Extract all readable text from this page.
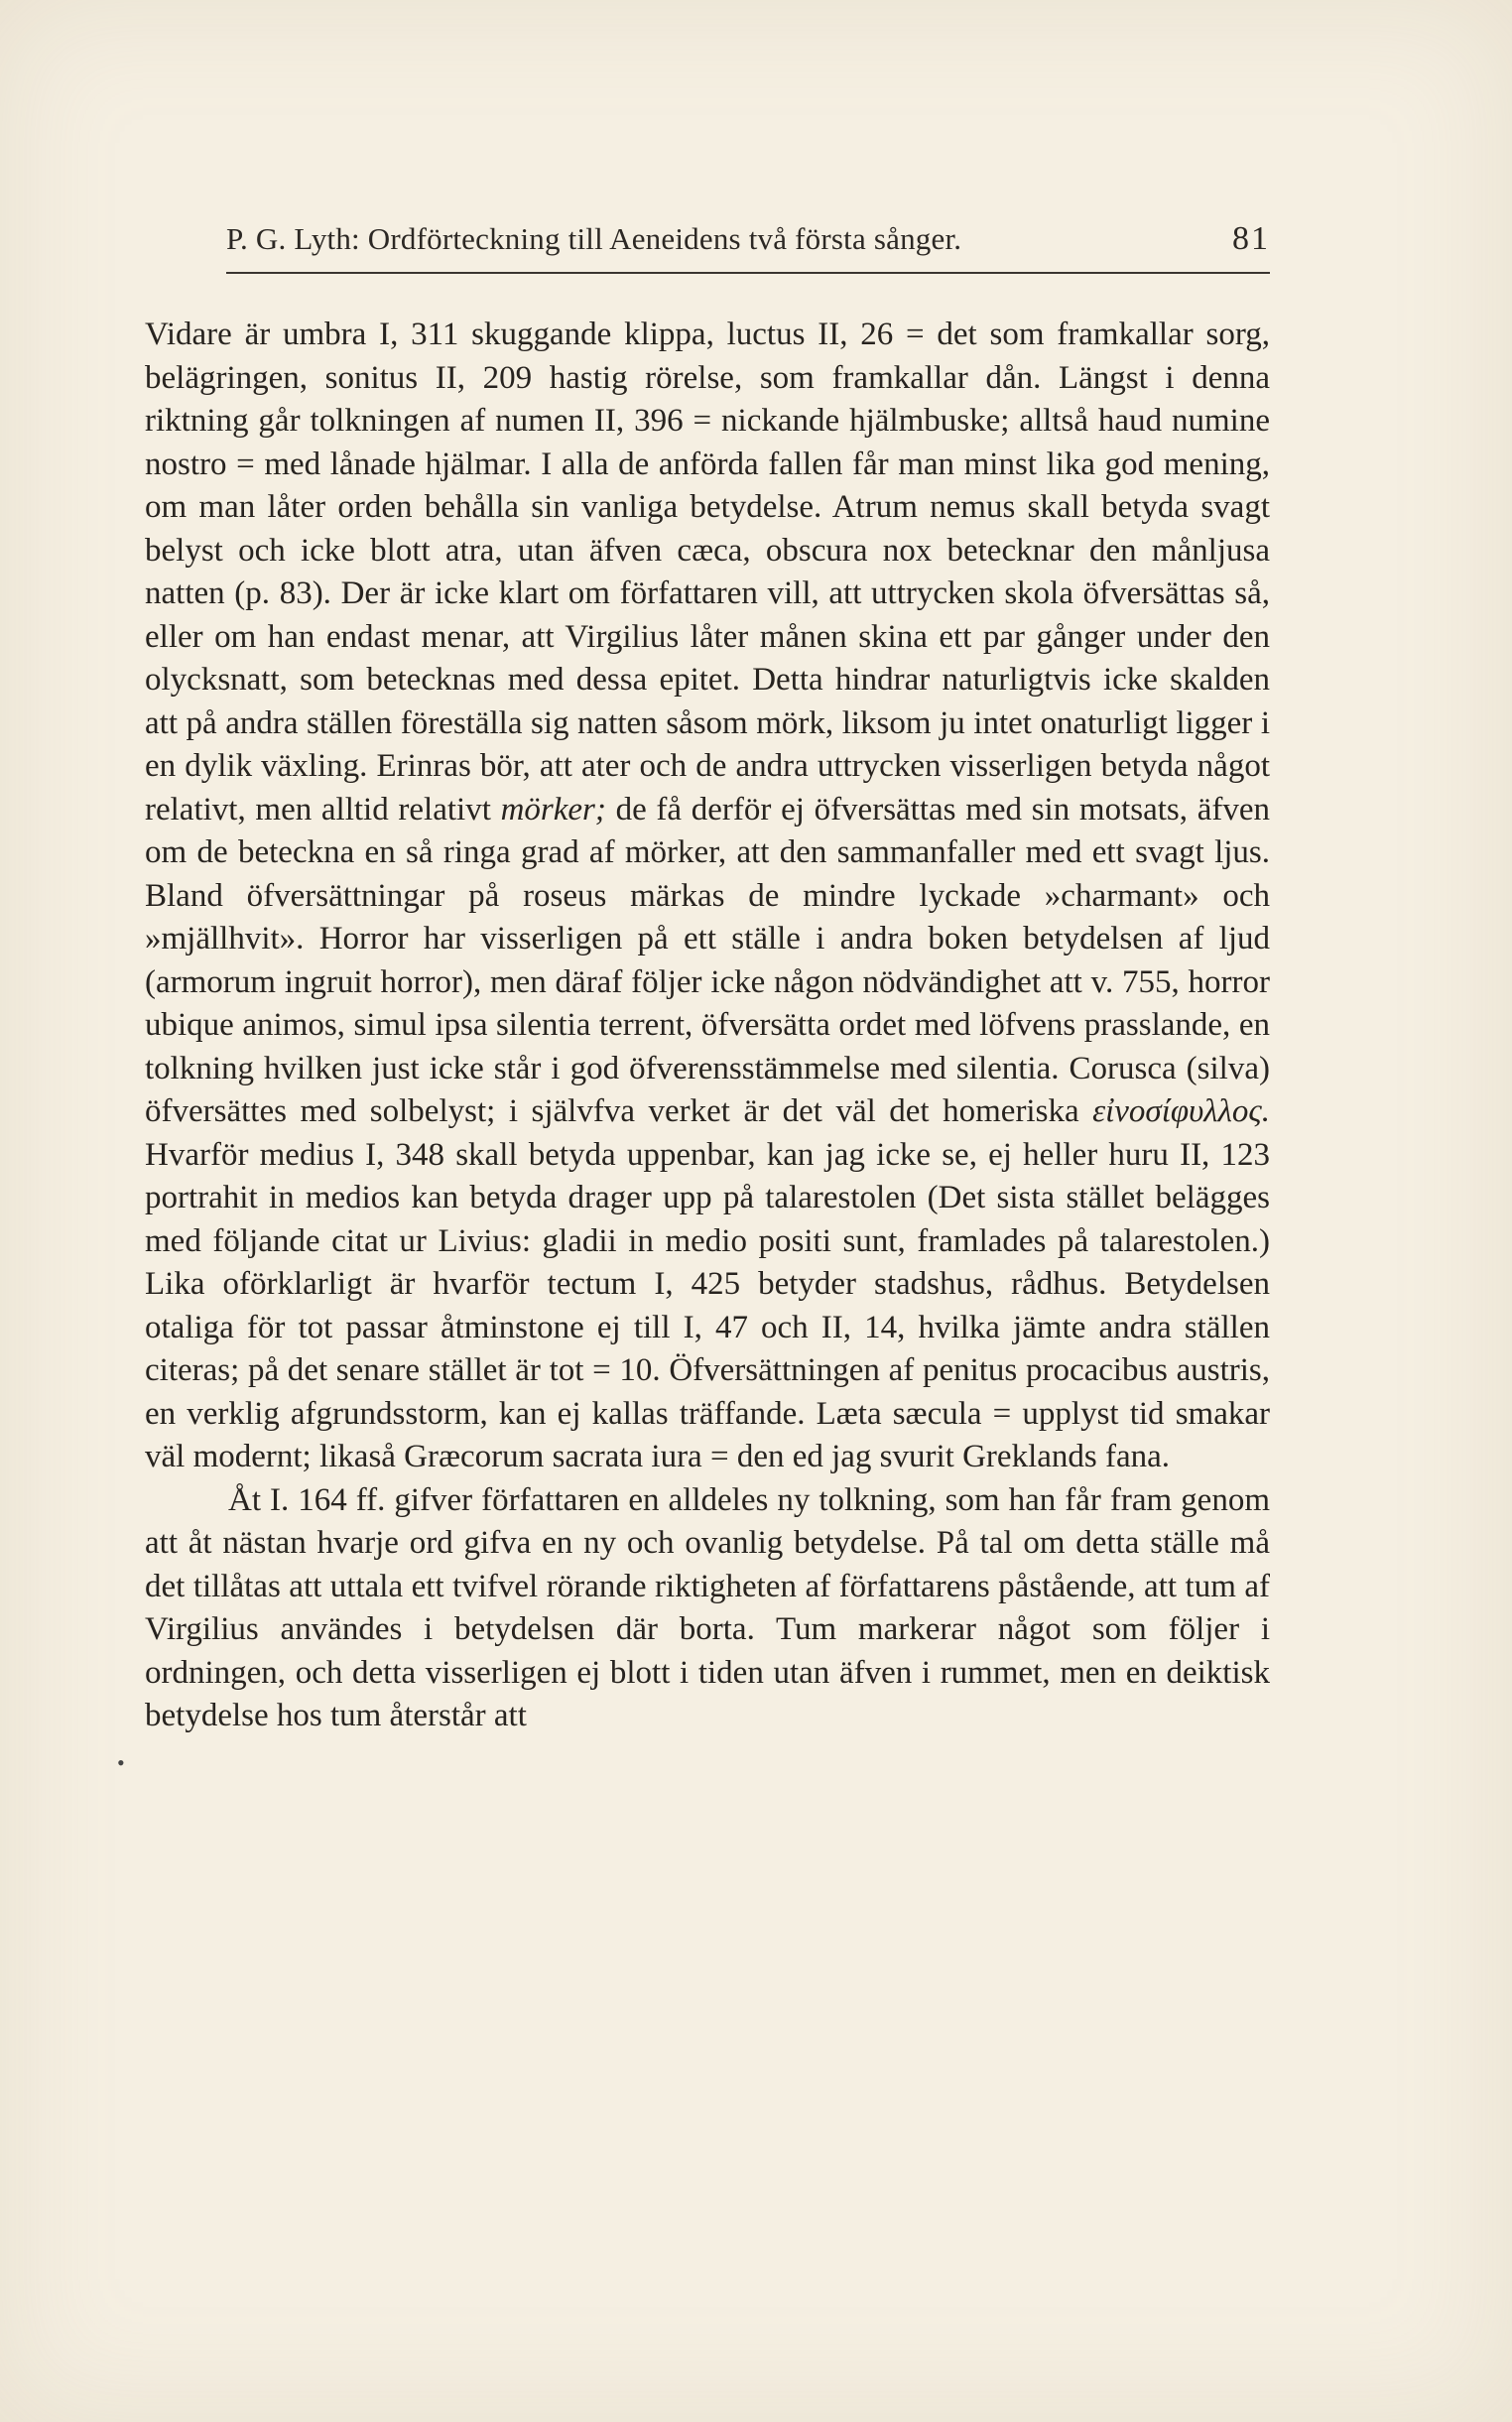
P. G. Lyth: Ordförteckning till Aeneidens två första sånger.	81
•

Vidare är umbra I, 311 skuggande klippa, luctus II, 26 = det som framkallar sorg, belägringen, sonitus II, 209 hastig rörelse, som framkallar dån. Längst i denna riktning går tolkningen af numen II, 396 = nickande hjälmbuske; alltså haud numine nostro = med lånade hjälmar. I alla de anförda fallen får man minst lika god mening, om man låter orden behålla sin vanliga betydelse. Atrum nemus skall betyda svagt belyst och icke blott atra, utan äfven cæca, obscura nox betecknar den månljusa natten (p. 83). Der är icke klart om författaren vill, att uttrycken skola öfversättas så, eller om han endast menar, att Virgilius låter månen skina ett par gånger under den olycksnatt, som betecknas med dessa epitet. Detta hindrar naturligtvis icke skalden att på andra ställen föreställa sig natten såsom mörk, liksom ju intet onaturligt ligger i en dylik växling. Erinras bör, att ater och de andra uttrycken visserligen betyda något relativt, men alltid relativt mörker; de få derför ej öfversättas med sin motsats, äfven om de beteckna en så ringa grad af mörker, att den sammanfaller med ett svagt ljus. Bland öfversättningar på roseus märkas de mindre lyckade »charmant» och »mjällhvit». Horror har visserligen på ett ställe i andra boken betydelsen af ljud (armorum ingruit horror), men däraf följer icke någon nödvändighet att v. 755, horror ubique animos, simul ipsa silentia terrent, öfversätta ordet med löfvens prasslande, en tolkning hvilken just icke står i god öfverensstämmelse med silentia. Corusca (silva) öfversättes med solbelyst; i självfva verket är det väl det homeriska εἰνοσίφυλλος. Hvarför medius I, 348 skall betyda uppenbar, kan jag icke se, ej heller huru II, 123 portrahit in medios kan betyda drager upp på talarestolen (Det sista stället belägges med följande citat ur Livius: gladii in medio positi sunt, framlades på talarestolen.) Lika oförklarligt är hvarför tectum I, 425 betyder stadshus, rådhus. Betydelsen otaliga för tot passar åtminstone ej till I, 47 och II, 14, hvilka jämte andra ställen citeras; på det senare stället är tot = 10. Öfversättningen af penitus procacibus austris, en verklig afgrundsstorm, kan ej kallas träffande. Læta sæcula = upplyst tid smakar väl modernt; likaså Græcorum sacrata iura = den ed jag svurit Greklands fana.

Åt I. 164 ff. gifver författaren en alldeles ny tolkning, som han får fram genom att åt nästan hvarje ord gifva en ny och ovanlig betydelse. På tal om detta ställe må det tillåtas att uttala ett tvifvel rörande riktigheten af författarens påstående, att tum af Virgilius användes i betydelsen där borta. Tum markerar något som följer i ordningen, och detta visserligen ej blott i tiden utan äfven i rummet, men en deiktisk betydelse hos tum återstår att
